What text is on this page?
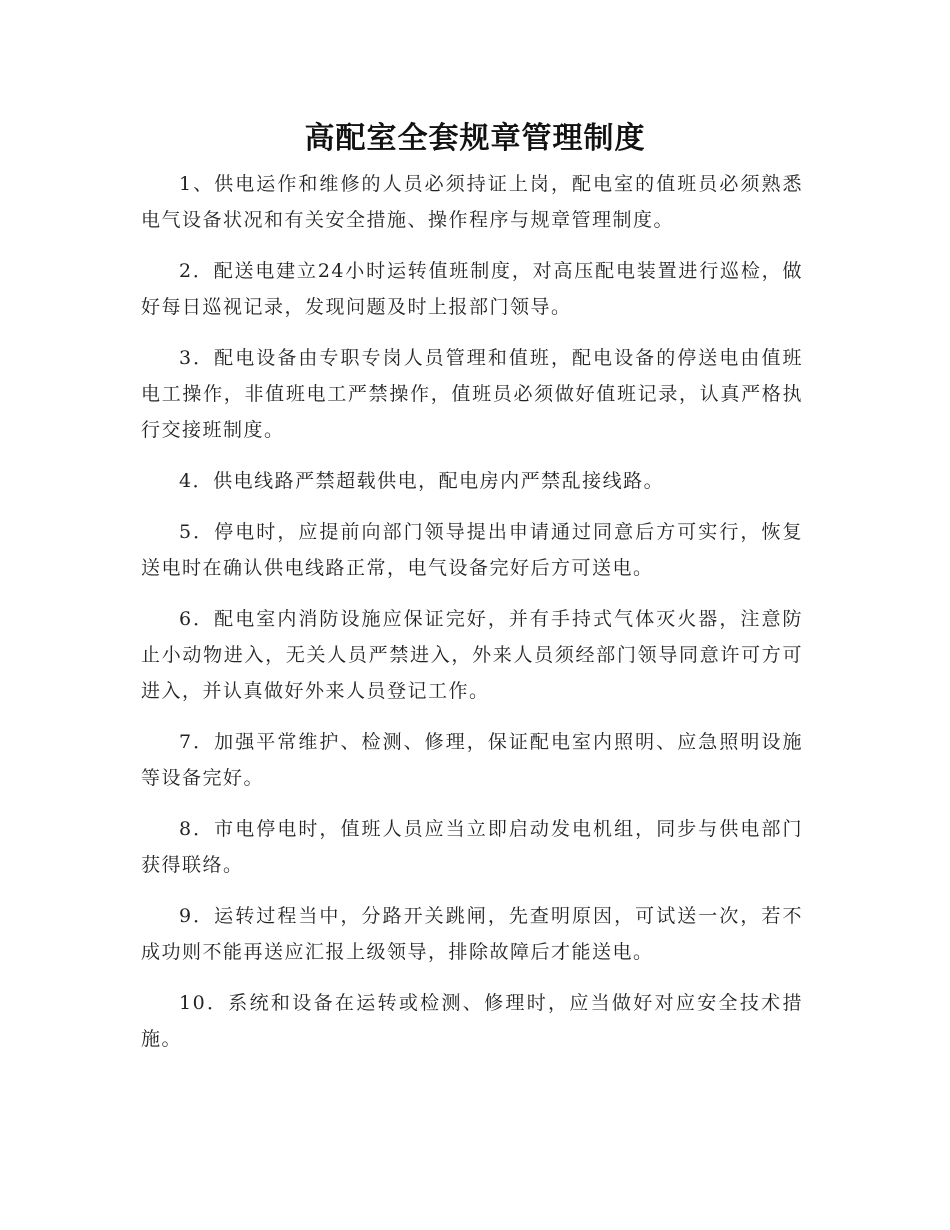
高配室全套规章管理制度

1、供电运作和维修的人员必须持证上岗，配电室的值班员必须熟悉电气设备状况和有关安全措施、操作程序与规章管理制度。

2．配送电建立24小时运转值班制度，对高压配电装置进行巡检，做好每日巡视记录，发现问题及时上报部门领导。

3．配电设备由专职专岗人员管理和值班，配电设备的停送电由值班电工操作，非值班电工严禁操作，值班员必须做好值班记录，认真严格执行交接班制度。

4．供电线路严禁超载供电，配电房内严禁乱接线路。

5．停电时，应提前向部门领导提出申请通过同意后方可实行，恢复送电时在确认供电线路正常，电气设备完好后方可送电。

6．配电室内消防设施应保证完好，并有手持式气体灭火器，注意防止小动物进入，无关人员严禁进入，外来人员须经部门领导同意许可方可进入，并认真做好外来人员登记工作。

7．加强平常维护、检测、修理，保证配电室内照明、应急照明设施等设备完好。

8．市电停电时，值班人员应当立即启动发电机组，同步与供电部门获得联络。

9．运转过程当中，分路开关跳闸，先查明原因，可试送一次，若不成功则不能再送应汇报上级领导，排除故障后才能送电。

10．系统和设备在运转或检测、修理时，应当做好对应安全技术措施。
